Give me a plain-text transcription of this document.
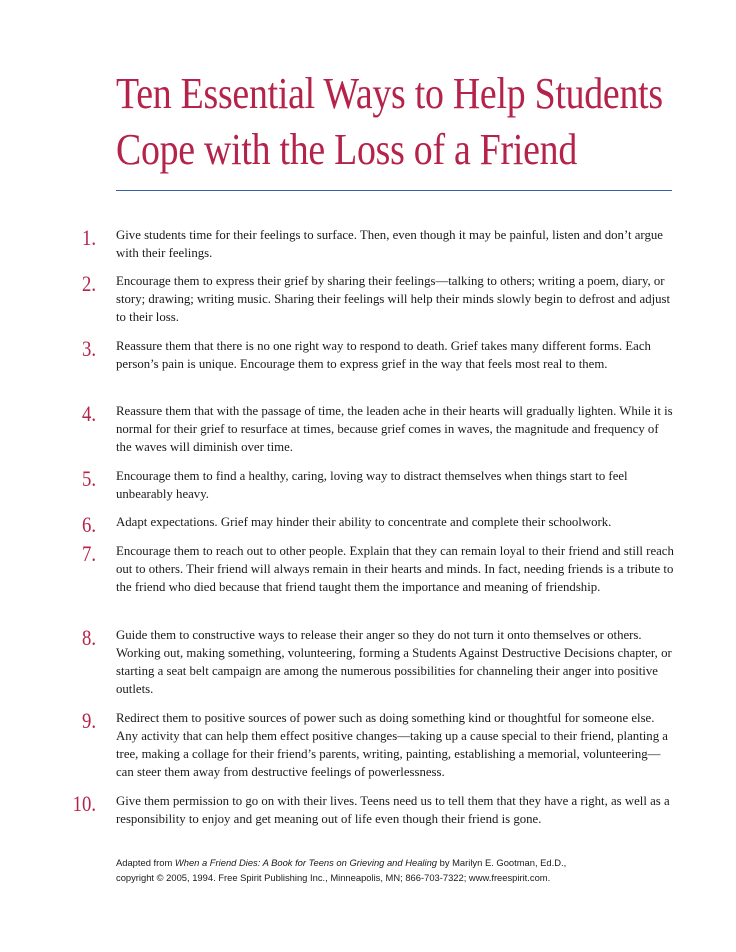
Ten Essential Ways to Help Students
Cope with the Loss of a Friend
1. Give students time for their feelings to surface. Then, even though it may be painful, listen and don’t argue with their feelings.
2. Encourage them to express their grief by sharing their feelings—talking to others; writing a poem, diary, or story; drawing; writing music. Sharing their feelings will help their minds slowly begin to defrost and adjust to their loss.
3. Reassure them that there is no one right way to respond to death. Grief takes many different forms. Each person’s pain is unique. Encourage them to express grief in the way that feels most real to them.
4. Reassure them that with the passage of time, the leaden ache in their hearts will gradually lighten. While it is normal for their grief to resurface at times, because grief comes in waves, the magnitude and frequency of the waves will diminish over time.
5. Encourage them to find a healthy, caring, loving way to distract themselves when things start to feel unbearably heavy.
6. Adapt expectations. Grief may hinder their ability to concentrate and complete their schoolwork.
7. Encourage them to reach out to other people. Explain that they can remain loyal to their friend and still reach out to others. Their friend will always remain in their hearts and minds. In fact, needing friends is a tribute to the friend who died because that friend taught them the importance and meaning of friendship.
8. Guide them to constructive ways to release their anger so they do not turn it onto themselves or others. Working out, making something, volunteering, forming a Students Against Destructive Decisions chapter, or starting a seat belt campaign are among the numerous possibilities for channeling their anger into positive outlets.
9. Redirect them to positive sources of power such as doing something kind or thoughtful for someone else. Any activity that can help them effect positive changes—taking up a cause special to their friend, planting a tree, making a collage for their friend’s parents, writing, painting, establishing a memorial, volunteering—can steer them away from destructive feelings of powerlessness.
10. Give them permission to go on with their lives. Teens need us to tell them that they have a right, as well as a responsibility to enjoy and get meaning out of life even though their friend is gone.
Adapted from When a Friend Dies: A Book for Teens on Grieving and Healing by Marilyn E. Gootman, Ed.D.,
copyright © 2005, 1994. Free Spirit Publishing Inc., Minneapolis, MN; 866-703-7322; www.freespirit.com.
